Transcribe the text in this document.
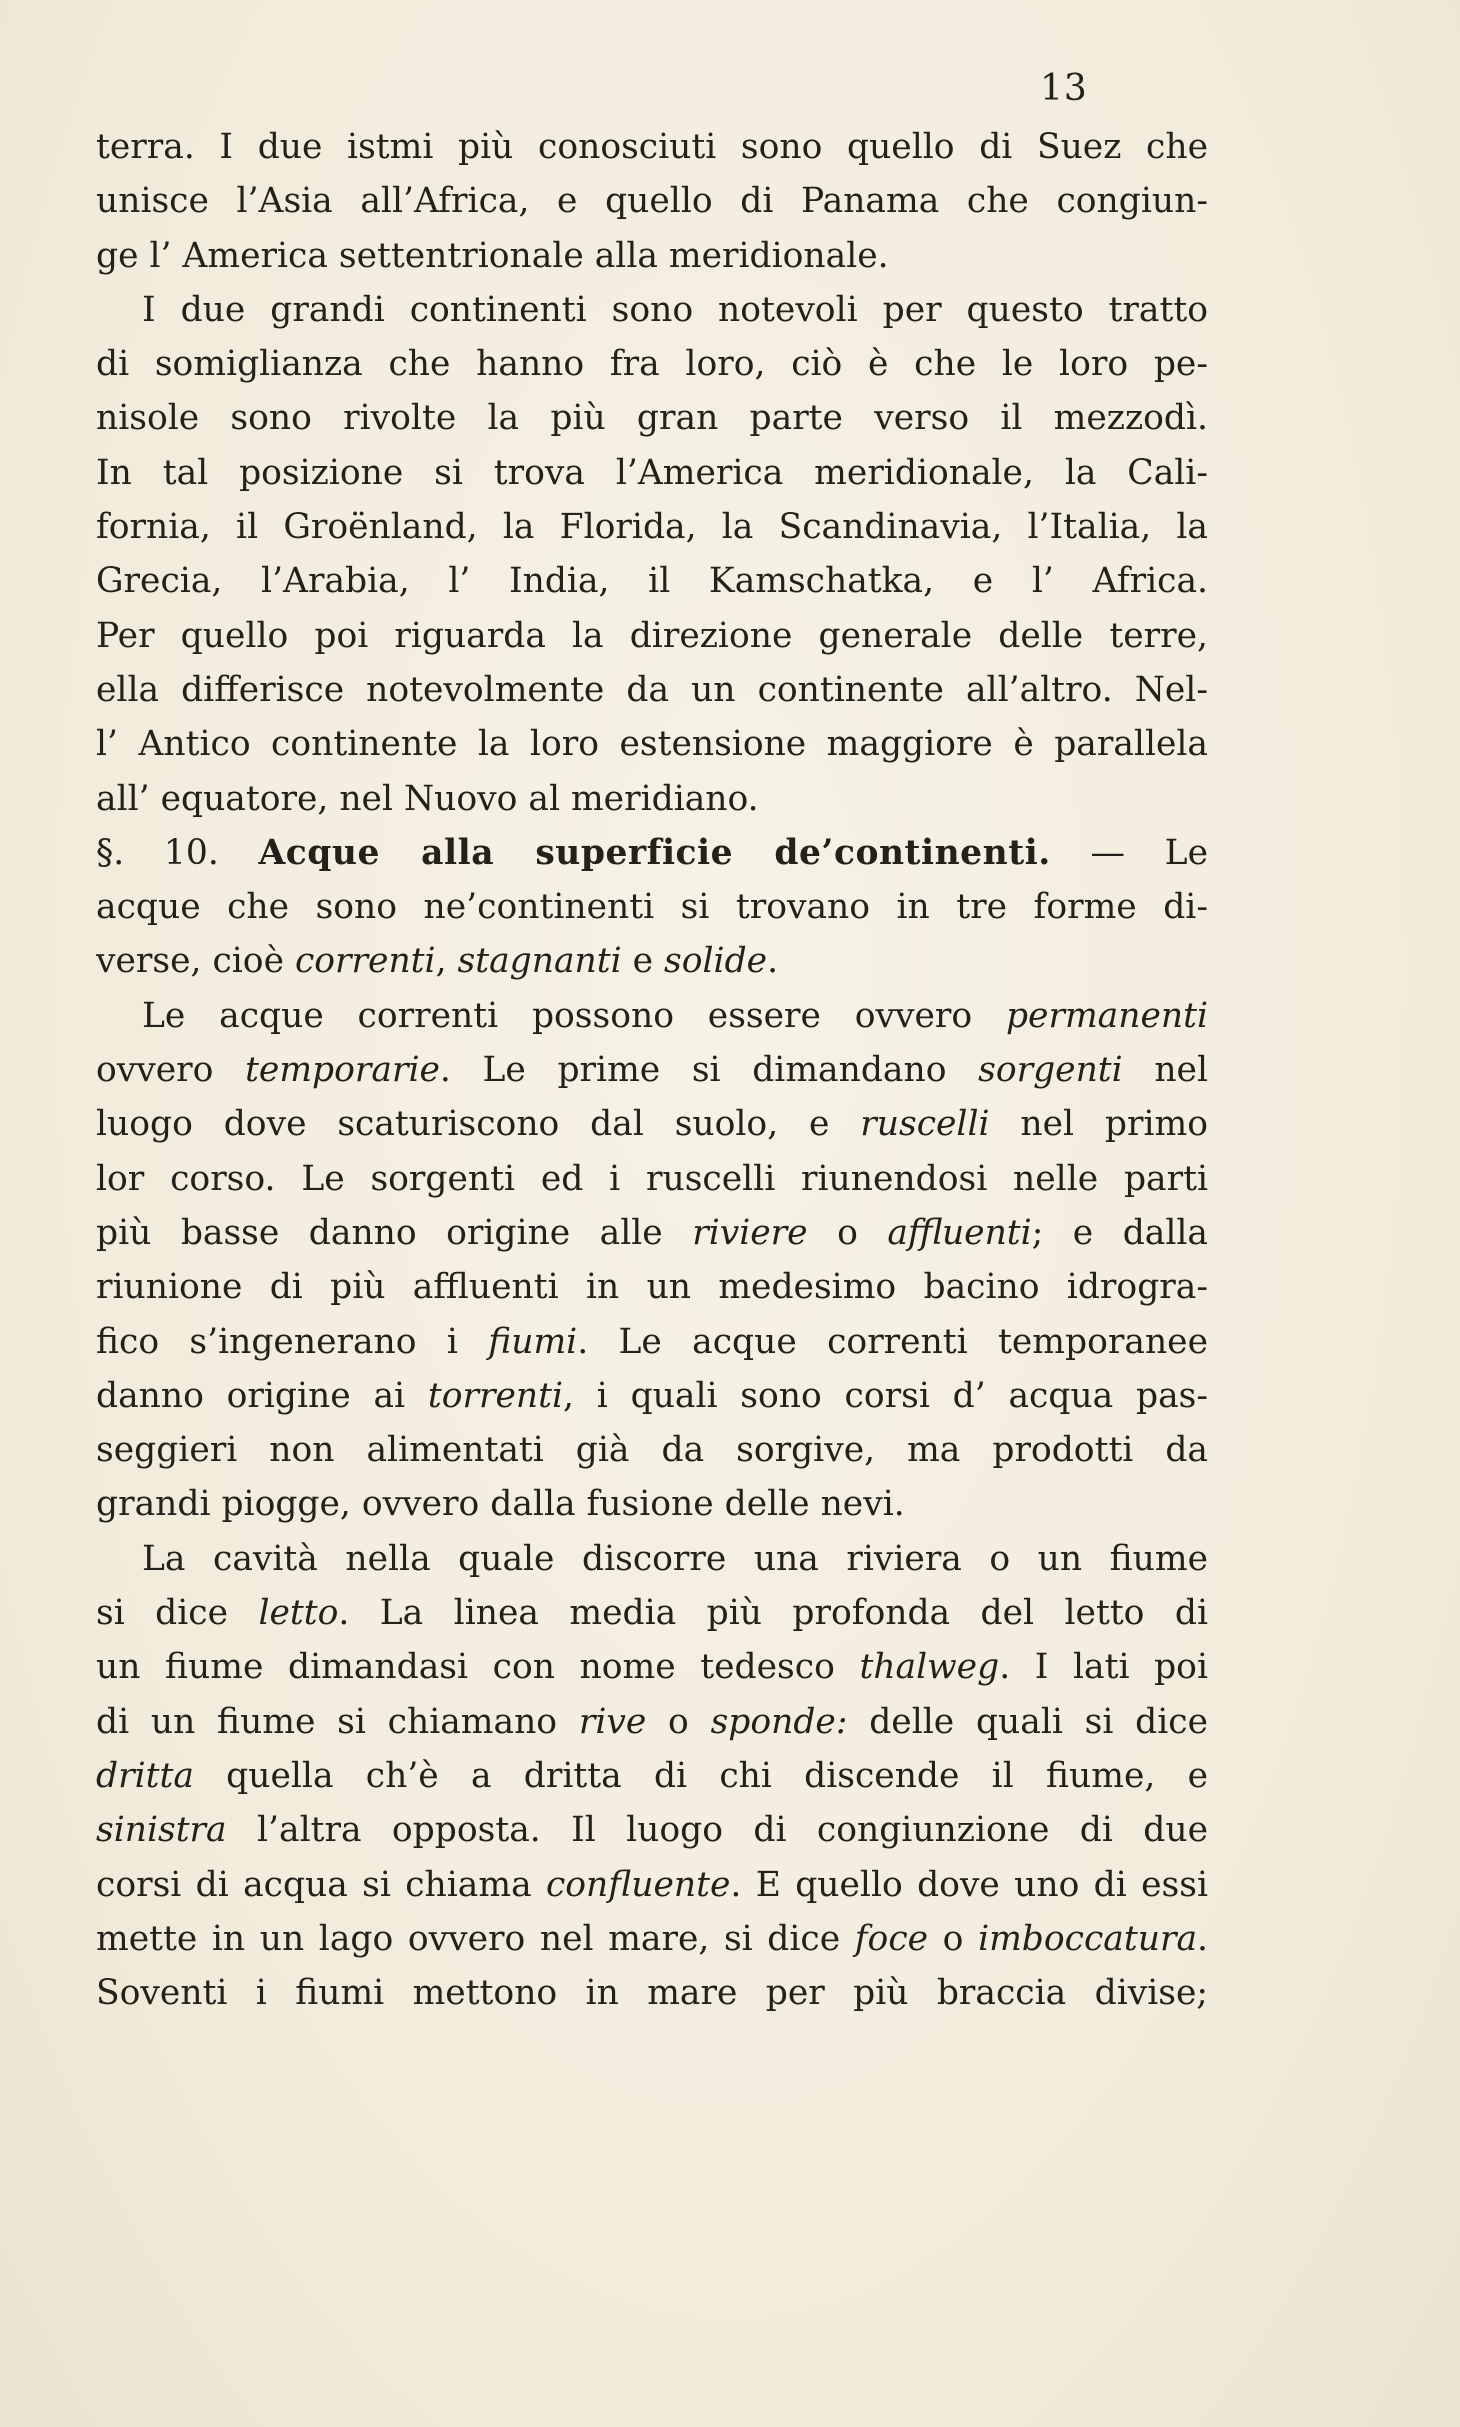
13
terra. I due istmi più conosciuti sono quello di Suez che
unisce l’Asia all’Africa, e quello di Panama che congiun-
ge l’ America settentrionale alla meridionale.
I due grandi continenti sono notevoli per questo tratto
di somiglianza che hanno fra loro, ciò è che le loro pe-
nisole sono rivolte la più gran parte verso il mezzodì.
In tal posizione si trova l’America meridionale, la Cali-
fornia, il Groënland, la Florida, la Scandinavia, l’Italia, la
Grecia, l’Arabia, l’ India, il Kamschatka, e l’ Africa.
Per quello poi riguarda la direzione generale delle terre,
ella differisce notevolmente da un continente all’altro. Nel-
l’ Antico continente la loro estensione maggiore è parallela
all’ equatore, nel Nuovo al meridiano.
§. 10. Acque alla superficie de’continenti. — Le
acque che sono ne’continenti si trovano in tre forme di-
verse, cioè correnti, stagnanti e solide.
Le acque correnti possono essere ovvero permanenti
ovvero temporarie. Le prime si dimandano sorgenti nel
luogo dove scaturiscono dal suolo, e ruscelli nel primo
lor corso. Le sorgenti ed i ruscelli riunendosi nelle parti
più basse danno origine alle riviere o affluenti; e dalla
riunione di più affluenti in un medesimo bacino idrogra-
fico s’ingenerano i fiumi. Le acque correnti temporanee
danno origine ai torrenti, i quali sono corsi d’ acqua pas-
seggieri non alimentati già da sorgive, ma prodotti da
grandi piogge, ovvero dalla fusione delle nevi.
La cavità nella quale discorre una riviera o un fiume
si dice letto. La linea media più profonda del letto di
un fiume dimandasi con nome tedesco thalweg. I lati poi
di un fiume si chiamano rive o sponde: delle quali si dice
dritta quella ch’è a dritta di chi discende il fiume, e
sinistra l’altra opposta. Il luogo di congiunzione di due
corsi di acqua si chiama confluente. E quello dove uno di essi
mette in un lago ovvero nel mare, si dice foce o imboccatura.
Soventi i fiumi mettono in mare per più braccia divise;
